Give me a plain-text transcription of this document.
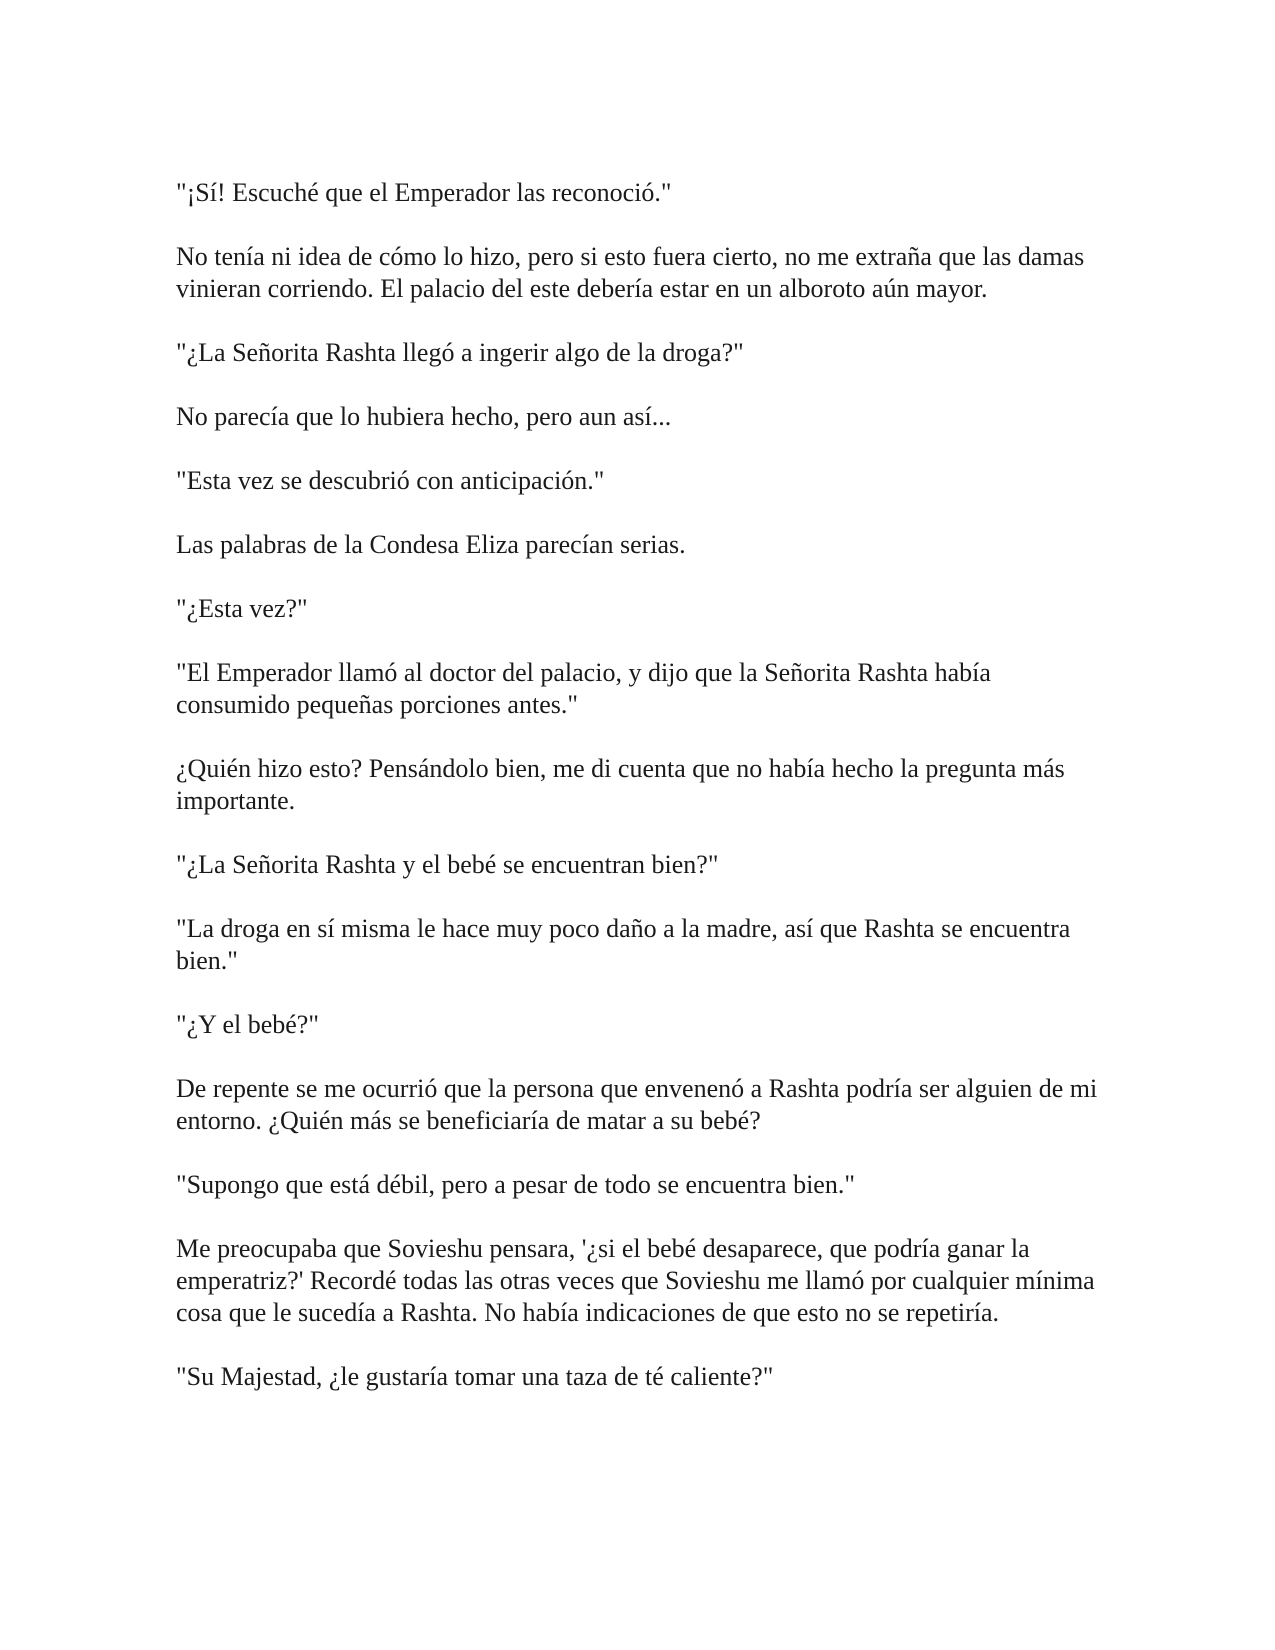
"¡Sí! Escuché que el Emperador las reconoció."

No tenía ni idea de cómo lo hizo, pero si esto fuera cierto, no me extraña que las damas vinieran corriendo. El palacio del este debería estar en un alboroto aún mayor.

"¿La Señorita Rashta llegó a ingerir algo de la droga?"

No parecía que lo hubiera hecho, pero aun así...

"Esta vez se descubrió con anticipación."

Las palabras de la Condesa Eliza parecían serias.

"¿Esta vez?"

"El Emperador llamó al doctor del palacio, y dijo que la Señorita Rashta había consumido pequeñas porciones antes."

¿Quién hizo esto? Pensándolo bien, me di cuenta que no había hecho la pregunta más importante.

"¿La Señorita Rashta y el bebé se encuentran bien?"

"La droga en sí misma le hace muy poco daño a la madre, así que Rashta se encuentra bien."

"¿Y el bebé?"

De repente se me ocurrió que la persona que envenenó a Rashta podría ser alguien de mi entorno. ¿Quién más se beneficiaría de matar a su bebé?

"Supongo que está débil, pero a pesar de todo se encuentra bien."

Me preocupaba que Sovieshu pensara, '¿si el bebé desaparece, que podría ganar la emperatriz?' Recordé todas las otras veces que Sovieshu me llamó por cualquier mínima cosa que le sucedía a Rashta. No había indicaciones de que esto no se repetiría.

"Su Majestad, ¿le gustaría tomar una taza de té caliente?"
